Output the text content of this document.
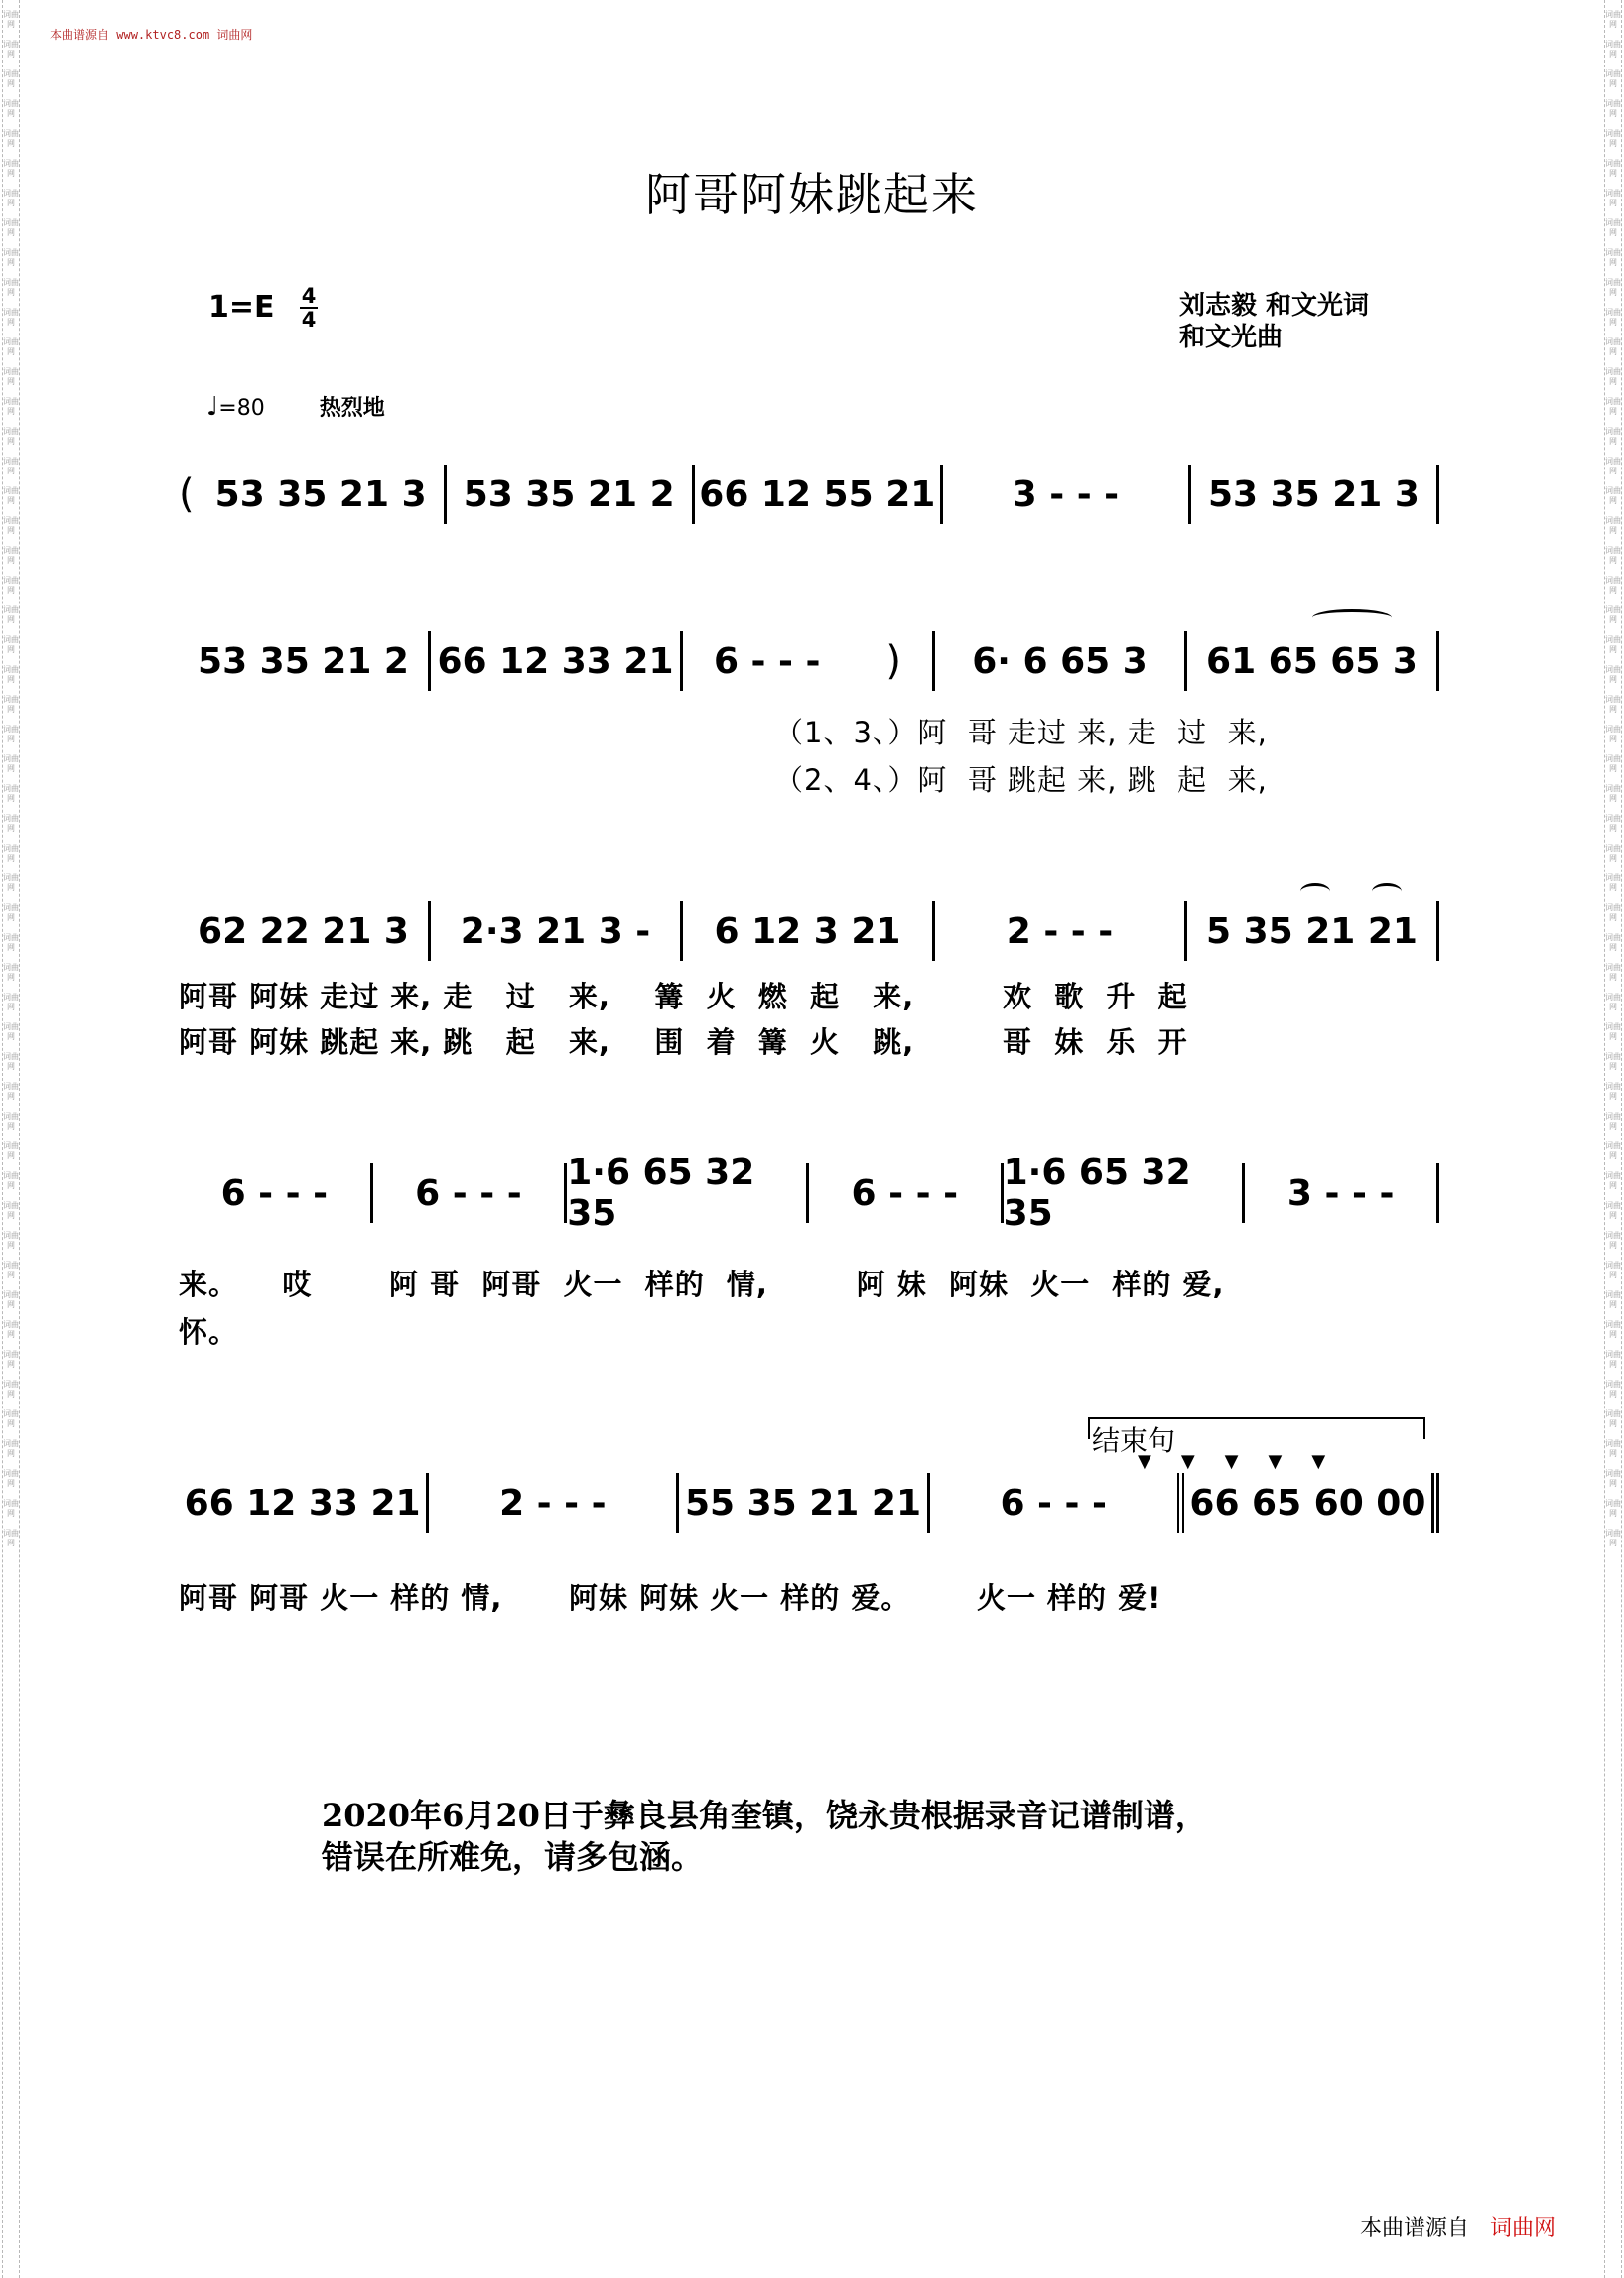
词曲网
词曲网
词曲网
词曲网
词曲网
词曲网
词曲网
词曲网
词曲网
词曲网
词曲网
词曲网
词曲网
词曲网
词曲网
词曲网
词曲网
词曲网
词曲网
词曲网
词曲网
词曲网
词曲网
词曲网
词曲网
词曲网
词曲网
词曲网
词曲网
词曲网
词曲网
词曲网
词曲网
词曲网
词曲网
词曲网
词曲网
词曲网
词曲网
词曲网
词曲网
词曲网
词曲网
词曲网
词曲网
词曲网
词曲网
词曲网
词曲网
词曲网
词曲网
词曲网
词曲网
词曲网
词曲网
词曲网
词曲网
词曲网
词曲网
词曲网
词曲网
词曲网
词曲网
词曲网
词曲网
词曲网
词曲网
词曲网
词曲网
词曲网
词曲网
词曲网
词曲网
词曲网
词曲网
词曲网
词曲网
词曲网
词曲网
词曲网
词曲网
词曲网
词曲网
词曲网
词曲网
词曲网
词曲网
词曲网
词曲网
词曲网
词曲网
词曲网
词曲网
词曲网
词曲网
词曲网
词曲网
词曲网
词曲网
词曲网
词曲网
词曲网
词曲网
词曲网
本曲谱源自 www.ktvc8.com 词曲网
阿哥阿妹跳起来
1=E 4
4	刘志毅 和文光词
和文光曲
♩=80	热烈地
( 53 35 21 3 53 35 21 2 66 12 55 21 3 - - - 53 35 21 3
53 35 21 2 66 12 33 21 6 - - - ) 6· 6 65 3 61 65 65 3
（1、3、）阿  哥 走过 来, 走  过  来,
（2、4、）阿  哥 跳起 来, 跳  起  来,
62 22 21 3 2·3 21 3 - 6 12 3 21	2 - - -	5 35 21 21
阿哥 阿妹 走过 来, 走   过   来,    篝  火  燃  起   来,        欢  歌  升  起
阿哥 阿妹 跳起 来, 跳   起   来,    围  着  篝  火   跳,        哥  妹  乐  开
6 - - - 6 - - - 1·6 65 32 35	6 - - - 1·6 65 32 35	3 - - -
来。    哎       阿 哥  阿哥  火一  样的  情,        阿 妹  阿妹  火一  样的 爱,
怀。
结束句
▼▼▼▼▼
66 12 33 21 2 - - - 55 35 21 21 6 - - - 66 65 60 00
阿哥 阿哥 火一 样的 情,      阿妹 阿妹 火一 样的 爱。      火一 样的 爱!
2020年6月20日于彝良县角奎镇，饶永贵根据录音记谱制谱，
错误在所难免，请多包涵。
本曲谱源自 词曲网
